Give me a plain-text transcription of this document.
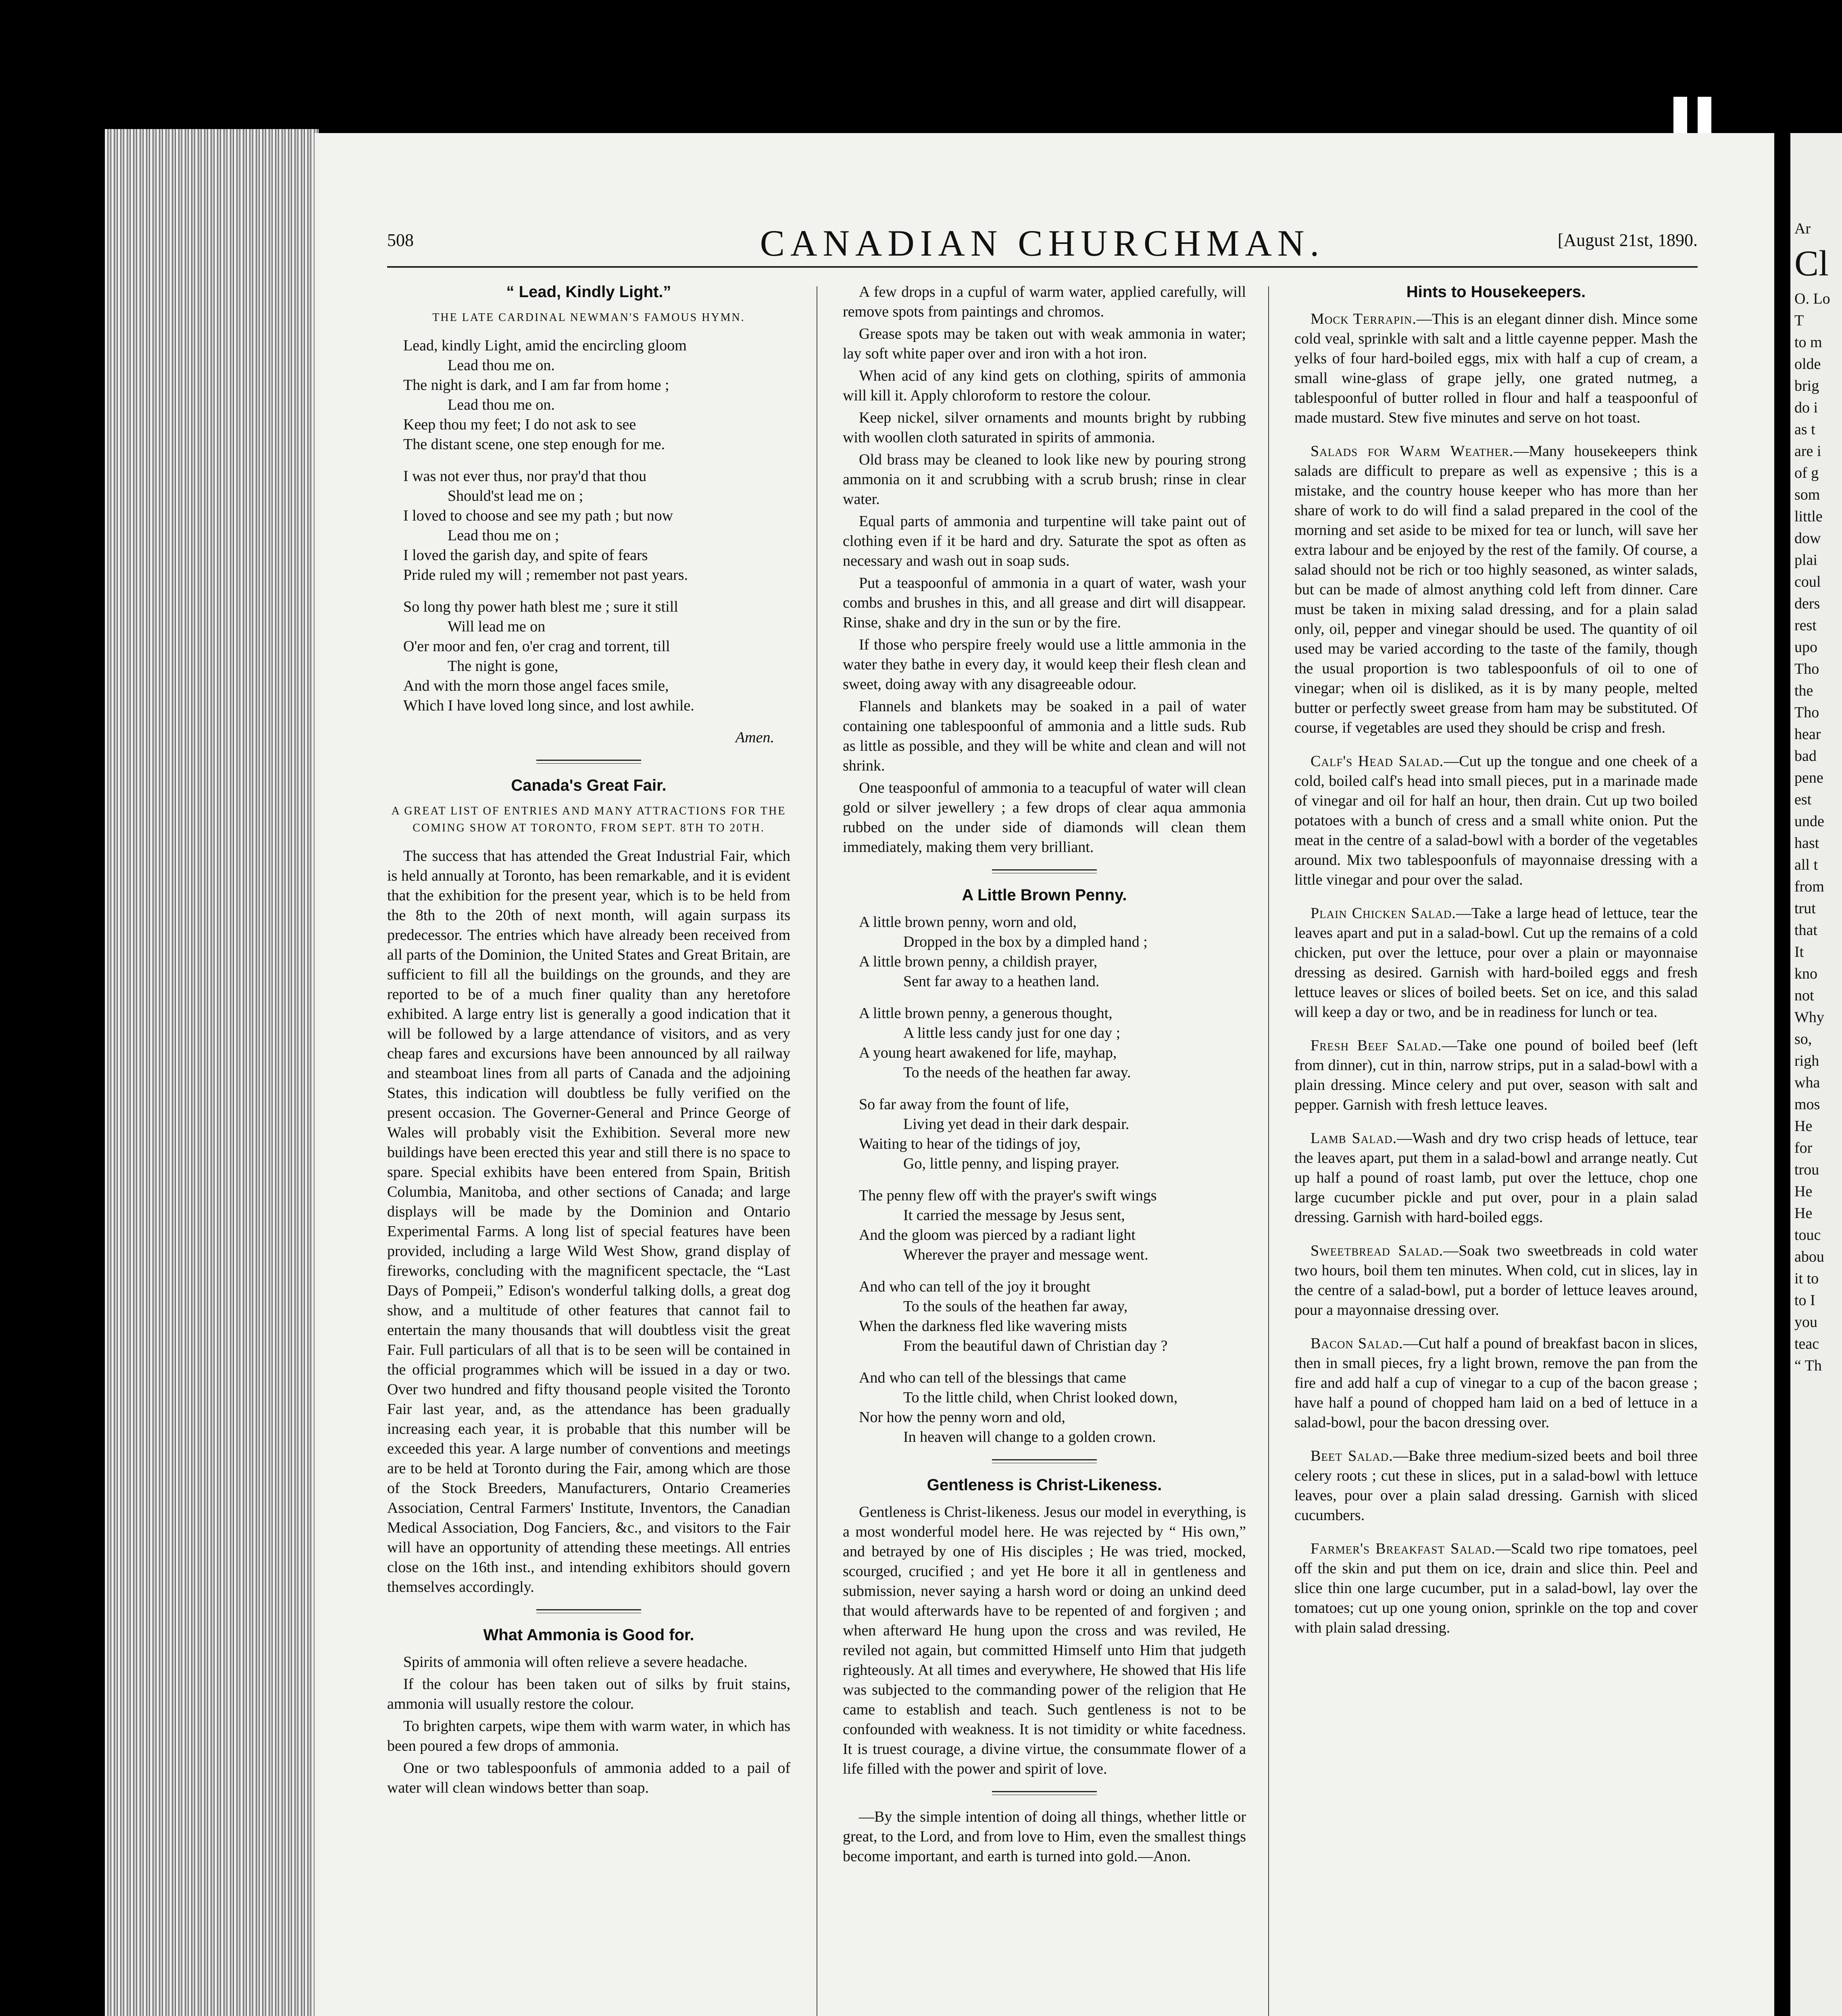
Ar
Cl
O. Lo
T
to m
olde
brig
do i
as t
are i
of g
som
little
dow
plai
coul
ders
rest
upo
Tho
the
Tho
hear
bad
pene
est
unde
hast
all t
from
trut
that
It
kno
not
Why
so,
righ
wha
mos
He
for
trou
He
He
touc
abou
it to
to I
you
teac
“ Th
508	CANADIAN CHURCHMAN.	[August 21st, 1890.
“ Lead, Kindly Light.”
THE LATE CARDINAL NEWMAN'S FAMOUS HYMN.

Lead, kindly Light, amid the encircling gloom
Lead thou me on.
The night is dark, and I am far from home ;
Lead thou me on.
Keep thou my feet; I do not ask to see
The distant scene, one step enough for me.

I was not ever thus, nor pray'd that thou
Should'st lead me on ;
I loved to choose and see my path ; but now
Lead thou me on ;
I loved the garish day, and spite of fears
Pride ruled my will ; remember not past years.

So long thy power hath blest me ; sure it still
Will lead me on
O'er moor and fen, o'er crag and torrent, till
The night is gone,
And with the morn those angel faces smile,
Which I have loved long since, and lost awhile.

Amen.
Canada's Great Fair.
A GREAT LIST OF ENTRIES AND MANY ATTRACTIONS FOR THE COMING SHOW AT TORONTO, FROM SEPT. 8TH TO 20TH.

The success that has attended the Great Industrial Fair, which is held annually at Toronto, has been remarkable, and it is evident that the exhibition for the present year, which is to be held from the 8th to the 20th of next month, will again surpass its predecessor. The entries which have already been received from all parts of the Dominion, the United States and Great Britain, are sufficient to fill all the buildings on the grounds, and they are reported to be of a much finer quality than any heretofore exhibited. A large entry list is generally a good indication that it will be followed by a large attendance of visitors, and as very cheap fares and excursions have been announced by all railway and steamboat lines from all parts of Canada and the adjoining States, this indication will doubtless be fully verified on the present occasion. The Governer-General and Prince George of Wales will probably visit the Exhibition. Several more new buildings have been erected this year and still there is no space to spare. Special exhibits have been entered from Spain, British Columbia, Manitoba, and other sections of Canada; and large displays will be made by the Dominion and Ontario Experimental Farms. A long list of special features have been provided, including a large Wild West Show, grand display of fireworks, concluding with the magnificent spectacle, the “Last Days of Pompeii,” Edison's wonderful talking dolls, a great dog show, and a multitude of other features that cannot fail to entertain the many thousands that will doubtless visit the great Fair. Full particulars of all that is to be seen will be contained in the official programmes which will be issued in a day or two. Over two hundred and fifty thousand people visited the Toronto Fair last year, and, as the attendance has been gradually increasing each year, it is probable that this number will be exceeded this year. A large number of conventions and meetings are to be held at Toronto during the Fair, among which are those of the Stock Breeders, Manufacturers, Ontario Creameries Association, Central Farmers' Institute, Inventors, the Canadian Medical Association, Dog Fanciers, &c., and visitors to the Fair will have an opportunity of attending these meetings. All entries close on the 16th inst., and intending exhibitors should govern themselves accordingly.

What Ammonia is Good for.

Spirits of ammonia will often relieve a severe headache.

If the colour has been taken out of silks by fruit stains, ammonia will usually restore the colour.

To brighten carpets, wipe them with warm water, in which has been poured a few drops of ammonia.

One or two tablespoonfuls of ammonia added to a pail of water will clean windows better than soap.

A few drops in a cupful of warm water, applied carefully, will remove spots from paintings and chromos.

Grease spots may be taken out with weak ammonia in water; lay soft white paper over and iron with a hot iron.

When acid of any kind gets on clothing, spirits of ammonia will kill it. Apply chloroform to restore the colour.

Keep nickel, silver ornaments and mounts bright by rubbing with woollen cloth saturated in spirits of ammonia.

Old brass may be cleaned to look like new by pouring strong ammonia on it and scrubbing with a scrub brush; rinse in clear water.

Equal parts of ammonia and turpentine will take paint out of clothing even if it be hard and dry. Saturate the spot as often as necessary and wash out in soap suds.

Put a teaspoonful of ammonia in a quart of water, wash your combs and brushes in this, and all grease and dirt will disappear. Rinse, shake and dry in the sun or by the fire.

If those who perspire freely would use a little ammonia in the water they bathe in every day, it would keep their flesh clean and sweet, doing away with any disagreeable odour.

Flannels and blankets may be soaked in a pail of water containing one tablespoonful of ammonia and a little suds. Rub as little as possible, and they will be white and clean and will not shrink.

One teaspoonful of ammonia to a teacupful of water will clean gold or silver jewellery ; a few drops of clear aqua ammonia rubbed on the under side of diamonds will clean them immediately, making them very brilliant.

A Little Brown Penny.

A little brown penny, worn and old,
Dropped in the box by a dimpled hand ;
A little brown penny, a childish prayer,
Sent far away to a heathen land.

A little brown penny, a generous thought,
A little less candy just for one day ;
A young heart awakened for life, mayhap,
To the needs of the heathen far away.

So far away from the fount of life,
Living yet dead in their dark despair.
Waiting to hear of the tidings of joy,
Go, little penny, and lisping prayer.

The penny flew off with the prayer's swift wings
It carried the message by Jesus sent,
And the gloom was pierced by a radiant light
Wherever the prayer and message went.

And who can tell of the joy it brought
To the souls of the heathen far away,
When the darkness fled like wavering mists
From the beautiful dawn of Christian day ?

And who can tell of the blessings that came
To the little child, when Christ looked down,
Nor how the penny worn and old,
In heaven will change to a golden crown.

Gentleness is Christ-Likeness.

Gentleness is Christ-likeness. Jesus our model in everything, is a most wonderful model here. He was rejected by “ His own,” and betrayed by one of His disciples ; He was tried, mocked, scourged, crucified ; and yet He bore it all in gentleness and submission, never saying a harsh word or doing an unkind deed that would afterwards have to be repented of and forgiven ; and when afterward He hung upon the cross and was reviled, He reviled not again, but committed Himself unto Him that judgeth righteously. At all times and everywhere, He showed that His life was subjected to the commanding power of the religion that He came to establish and teach. Such gentleness is not to be confounded with weakness. It is not timidity or white facedness. It is truest courage, a divine virtue, the consummate flower of a life filled with the power and spirit of love.

—By the simple intention of doing all things, whether little or great, to the Lord, and from love to Him, even the smallest things become important, and earth is turned into gold.—Anon.

Hints to Housekeepers.

Mock Terrapin.—This is an elegant dinner dish. Mince some cold veal, sprinkle with salt and a little cayenne pepper. Mash the yelks of four hard-boiled eggs, mix with half a cup of cream, a small wine-glass of grape jelly, one grated nutmeg, a tablespoonful of butter rolled in flour and half a teaspoonful of made mustard. Stew five minutes and serve on hot toast.

Salads for Warm Weather.—Many housekeepers think salads are difficult to prepare as well as expensive ; this is a mistake, and the country house keeper who has more than her share of work to do will find a salad prepared in the cool of the morning and set aside to be mixed for tea or lunch, will save her extra labour and be enjoyed by the rest of the family. Of course, a salad should not be rich or too highly seasoned, as winter salads, but can be made of almost anything cold left from dinner. Care must be taken in mixing salad dressing, and for a plain salad only, oil, pepper and vinegar should be used. The quantity of oil used may be varied according to the taste of the family, though the usual proportion is two tablespoonfuls of oil to one of vinegar; when oil is disliked, as it is by many people, melted butter or perfectly sweet grease from ham may be substituted. Of course, if vegetables are used they should be crisp and fresh.

Calf's Head Salad.—Cut up the tongue and one cheek of a cold, boiled calf's head into small pieces, put in a marinade made of vinegar and oil for half an hour, then drain. Cut up two boiled potatoes with a bunch of cress and a small white onion. Put the meat in the centre of a salad-bowl with a border of the vegetables around. Mix two tablespoonfuls of mayonnaise dressing with a little vinegar and pour over the salad.

Plain Chicken Salad.—Take a large head of lettuce, tear the leaves apart and put in a salad-bowl. Cut up the remains of a cold chicken, put over the lettuce, pour over a plain or mayonnaise dressing as desired. Garnish with hard-boiled eggs and fresh lettuce leaves or slices of boiled beets. Set on ice, and this salad will keep a day or two, and be in readiness for lunch or tea.

Fresh Beef Salad.—Take one pound of boiled beef (left from dinner), cut in thin, narrow strips, put in a salad-bowl with a plain dressing. Mince celery and put over, season with salt and pepper. Garnish with fresh lettuce leaves.

Lamb Salad.—Wash and dry two crisp heads of lettuce, tear the leaves apart, put them in a salad-bowl and arrange neatly. Cut up half a pound of roast lamb, put over the lettuce, chop one large cucumber pickle and put over, pour in a plain salad dressing. Garnish with hard-boiled eggs.

Sweetbread Salad.—Soak two sweetbreads in cold water two hours, boil them ten minutes. When cold, cut in slices, lay in the centre of a salad-bowl, put a border of lettuce leaves around, pour a mayonnaise dressing over.

Bacon Salad.—Cut half a pound of breakfast bacon in slices, then in small pieces, fry a light brown, remove the pan from the fire and add half a cup of vinegar to a cup of the bacon grease ; have half a pound of chopped ham laid on a bed of lettuce in a salad-bowl, pour the bacon dressing over.

Beet Salad.—Bake three medium-sized beets and boil three celery roots ; cut these in slices, put in a salad-bowl with lettuce leaves, pour over a plain salad dressing. Garnish with sliced cucumbers.

Farmer's Breakfast Salad.—Scald two ripe tomatoes, peel off the skin and put them on ice, drain and slice thin. Peel and slice thin one large cucumber, put in a salad-bowl, lay over the tomatoes; cut up one young onion, sprinkle on the top and cover with plain salad dressing.
